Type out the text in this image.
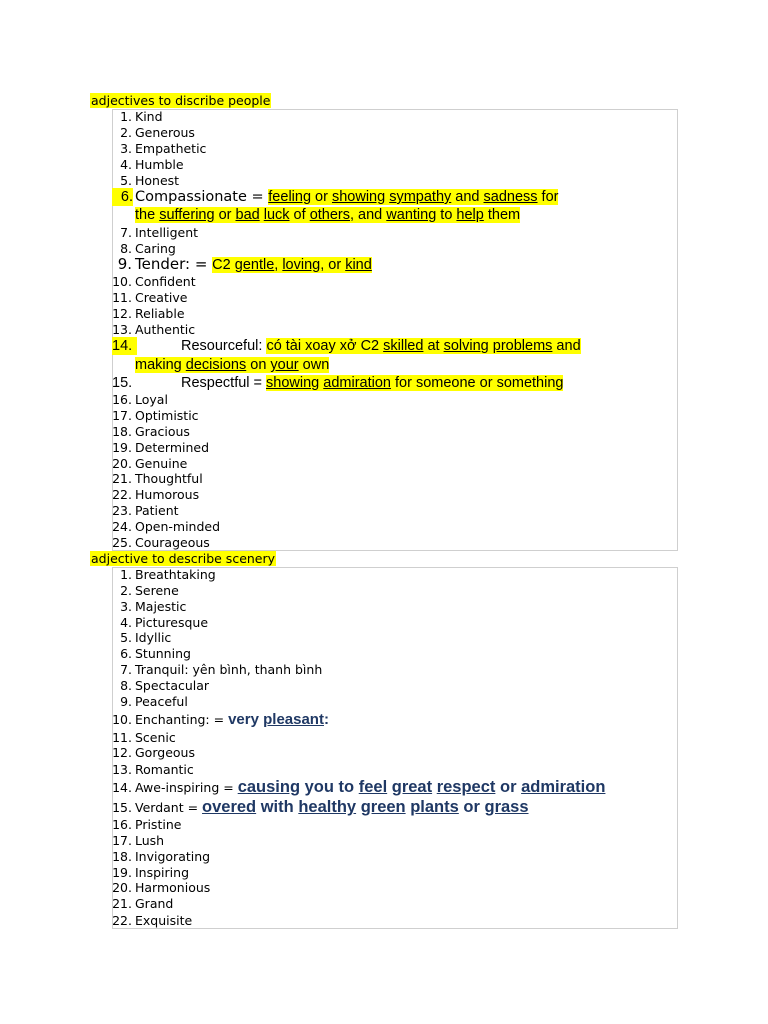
adjectives to discribe people
1. Kind
2. Generous
3. Empathetic
4. Humble
5. Honest
7. Intelligent
8. Caring
10. Confident
11. Creative
12. Reliable
13. Authentic
16. Loyal
17. Optimistic
18. Gracious
19. Determined
20. Genuine
21. Thoughtful
22. Humorous
23. Patient
24. Open-minded
25. Courageous
6. Compassionate = feeling or showing sympathy and sadness for
the suffering or bad luck of others, and wanting to help them
9. Tender: = C2 gentle, loving, or kind
14.	Resourceful: có tài xoay xở C2 skilled at solving problems and
making decisions on your own
15.	Respectful = showing admiration for someone or something
adjective to describe scenery
1. Breathtaking
2. Serene
3. Majestic
4. Picturesque
5. Idyllic
6. Stunning
7. Tranquil: yên bình, thanh bình
8. Spectacular
9. Peaceful
11. Scenic
12. Gorgeous
13. Romantic
16. Pristine
17. Lush
18. Invigorating
19. Inspiring
20. Harmonious
21. Grand
22. Exquisite
10. Enchanting: = very pleasant:
14. Awe-inspiring = causing you to feel great respect or admiration
15. Verdant = overed with healthy green plants or grass
